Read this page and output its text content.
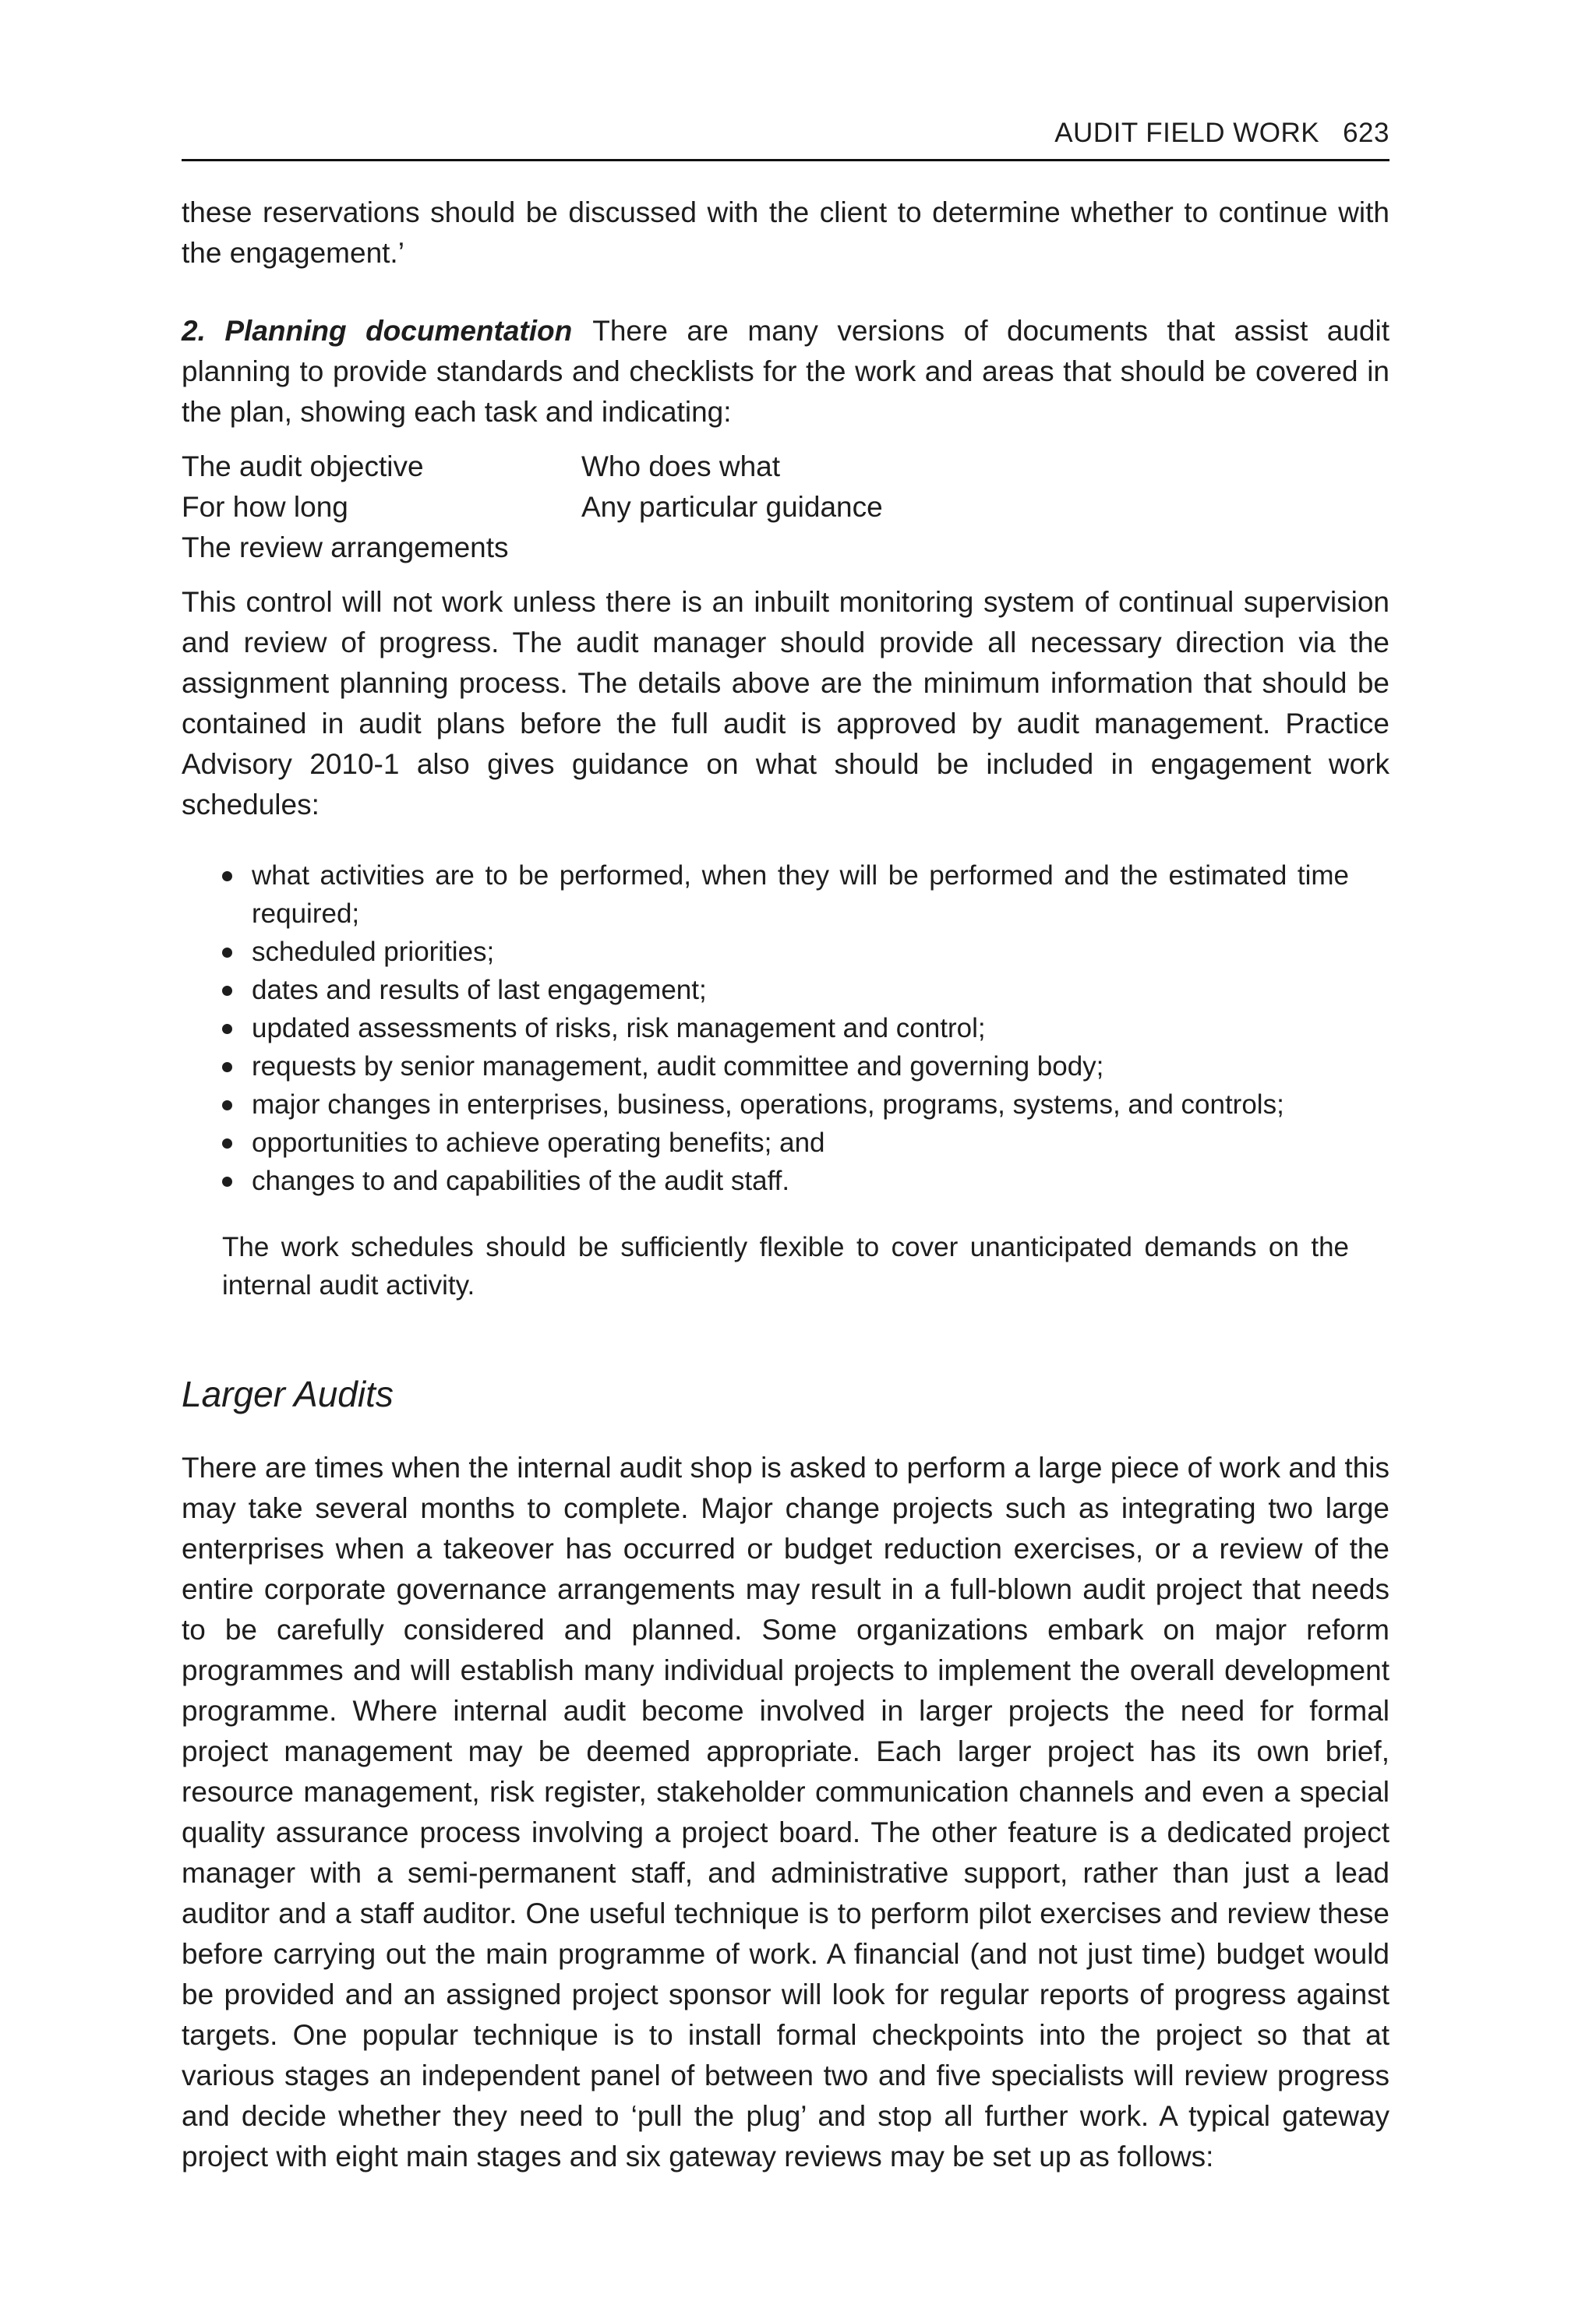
AUDIT FIELD WORK 623

these reservations should be discussed with the client to determine whether to continue with the engagement.’

2. Planning documentation There are many versions of documents that assist audit planning to provide standards and checklists for the work and areas that should be covered in the plan, showing each task and indicating:

The audit objective	Who does what
For how long	Any particular guidance
The review arrangements

This control will not work unless there is an inbuilt monitoring system of continual supervision and review of progress. The audit manager should provide all necessary direction via the assignment planning process. The details above are the minimum information that should be contained in audit plans before the full audit is approved by audit management. Practice Advisory 2010-1 also gives guidance on what should be included in engagement work schedules:

what activities are to be performed, when they will be performed and the estimated time required;
scheduled priorities;
dates and results of last engagement;
updated assessments of risks, risk management and control;
requests by senior management, audit committee and governing body;
major changes in enterprises, business, operations, programs, systems, and controls;
opportunities to achieve operating benefits; and
changes to and capabilities of the audit staff.

The work schedules should be sufficiently flexible to cover unanticipated demands on the internal audit activity.

Larger Audits

There are times when the internal audit shop is asked to perform a large piece of work and this may take several months to complete. Major change projects such as integrating two large enterprises when a takeover has occurred or budget reduction exercises, or a review of the entire corporate governance arrangements may result in a full-blown audit project that needs to be carefully considered and planned. Some organizations embark on major reform programmes and will establish many individual projects to implement the overall development programme. Where internal audit become involved in larger projects the need for formal project management may be deemed appropriate. Each larger project has its own brief, resource management, risk register, stakeholder communication channels and even a special quality assurance process involving a project board. The other feature is a dedicated project manager with a semi-permanent staff, and administrative support, rather than just a lead auditor and a staff auditor. One useful technique is to perform pilot exercises and review these before carrying out the main programme of work. A financial (and not just time) budget would be provided and an assigned project sponsor will look for regular reports of progress against targets. One popular technique is to install formal checkpoints into the project so that at various stages an independent panel of between two and five specialists will review progress and decide whether they need to ‘pull the plug’ and stop all further work. A typical gateway project with eight main stages and six gateway reviews may be set up as follows:
